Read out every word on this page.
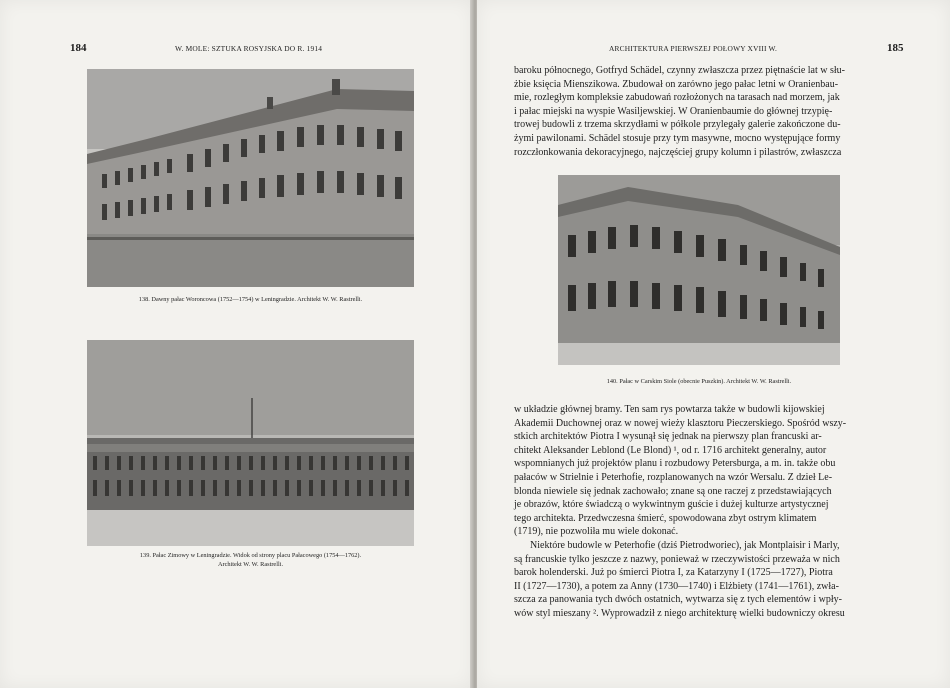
184	W. MOLE: SZTUKA ROSYJSKA DO R. 1914
138. Dawny pałac Woroncowa (1752—1754) w Leningradzie. Architekt W. W. Rastrelli.
139. Pałac Zimowy w Leningradzie. Widok od strony placu Pałacowego (1754—1762).
Architekt W. W. Rastrelli.
ARCHITEKTURA PIERWSZEJ POŁOWY XVIII W.	185

baroku północnego, Gotfryd Schädel, czynny zwłaszcza przez piętnaście lat w słu-

żbie księcia Mienszikowa. Zbudował on zarówno jego pałac letni w Oranienbau-

mie, rozległym kompleksie zabudowań rozłożonych na tarasach nad morzem, jak

i pałac miejski na wyspie Wasiljewskiej. W Oranienbaumie do głównej trzypię-

trowej budowli z trzema skrzydłami w półkole przylegały galerie zakończone du-

żymi pawilonami. Schädel stosuje przy tym masywne, mocno występujące formy

rozczłonkowania dekoracyjnego, najczęściej grupy kolumn i pilastrów, zwłaszcza

140. Pałac w Carskim Siole (obecnie Puszkin). Architekt W. W. Rastrelli.

w układzie głównej bramy. Ten sam rys powtarza także w budowli kijowskiej

Akademii Duchownej oraz w nowej wieży klasztoru Pieczerskiego. Spośród wszy-

stkich architektów Piotra I wysunął się jednak na pierwszy plan francuski ar-

chitekt Aleksander Leblond (Le Blond) ¹, od r. 1716 architekt generalny, autor

wspomnianych już projektów planu i rozbudowy Petersburga, a m. in. także obu

pałaców w Strielnie i Peterhofie, rozplanowanych na wzór Wersalu. Z dzieł Le-

blonda niewiele się jednak zachowało; znane są one raczej z przedstawiających

je obrazów, które świadczą o wykwintnym guście i dużej kulturze artystycznej

tego architekta. Przedwczesna śmierć, spowodowana zbyt ostrym klimatem

(1719), nie pozwoliła mu wiele dokonać.

Niektóre budowle w Peterhofie (dziś Pietrodworiec), jak Montplaisir i Marly,

są francuskie tylko jeszcze z nazwy, ponieważ w rzeczywistości przeważa w nich

barok holenderski. Już po śmierci Piotra I, za Katarzyny I (1725—1727), Piotra

II (1727—1730), a potem za Anny (1730—1740) i Elżbiety (1741—1761), zwła-

szcza za panowania tych dwóch ostatnich, wytwarza się z tych elementów i wpły-

wów styl mieszany ². Wyprowadził z niego architekturę wielki budowniczy okresu
